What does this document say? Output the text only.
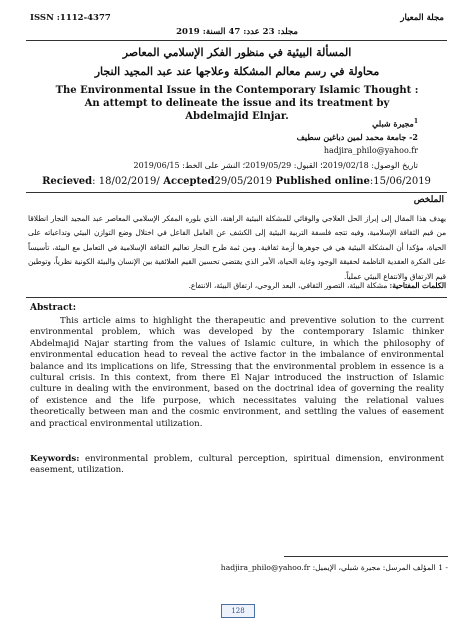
ISSN :1112-4377	مجلة المعيار
مجلد: 23 عدد: 47 السنة: 2019
المسألة البيئية في منظور الفكر الإسلامي المعاصر
محاولة في رسم معالم المشكلة وعلاجها عند عبد المجيد النجار
The Environmental Issue in the Contemporary Islamic Thought : An attempt to delineate the issue and its treatment by Abdelmajid Elnjar.	$^1$مجيرة شبلي
2- جامعة محمد لمين دباغين سطيف
hadjira_philo@yahoo.fr
تاريخ الوصول: 2019/02/18؛ القبول: 2019/05/29؛ النشر على الخط: 2019/06/15
Recieved: 18/02/2019/ Accepted29/05/2019 Published online:15/06/2019
الملخص
يهدف هذا المقال إلى إبراز الحل العلاجي والوقائي للمشكلة البيئية الراهنة، الذي بلوره المفكر الإسلامي المعاصر عبد المجيد النجار انطلاقا من قيم الثقافة الإسلامية، وفيه تتجه فلسفة التربية البيئية إلى الكشف عن العامل الفاعل في اختلال وضع التوازن البيئي وتداعياته على الحياة، مؤكدا أن المشكلة البيئية هي في جوهرها أزمة ثقافية. ومن ثمة طرح النجار تعاليم الثقافة الإسلامية في التعامل مع البيئة، تأسيساً على الفكرة العقدية الناظمة لحقيقة الوجود وغاية الحياة، الأمر الذي يقتضي تحسين القيم العلائقية بين الإنسان والبيئة الكونية نظرياً، وتوطين قيم الارتفاق والانتفاع البيئي عملياً.
الكلمات المفتاحية: مشكلة البيئة، التصور الثقافي، البعد الروحي، ارتفاق البيئة، الانتفاع.
Abstract:
This article aims to highlight the therapeutic and preventive solution to the current environmental problem, which was developed by the contemporary Islamic thinker Abdelmajid Najar starting from the values of Islamic culture, in which the philosophy of environmental education head to reveal the active factor in the imbalance of environmental balance and its implications on life, Stressing that the environmental problem in essence is a cultural crisis. In this context, from there El Najar introduced the instruction of Islamic culture in dealing with the environment, based on the doctrinal idea of governing the reality of existence and the life purpose, which necessitates valuing the relational values theoretically between man and the cosmic environment, and settling the values of easement and practical environmental utilization.
Keywords: environmental problem, cultural perception, spiritual dimension, environment easement, utilization.
hadjira_philo@yahoo.fr المؤلف المرسل: مجيرة شبلي، الإيميل: 1 -
128
